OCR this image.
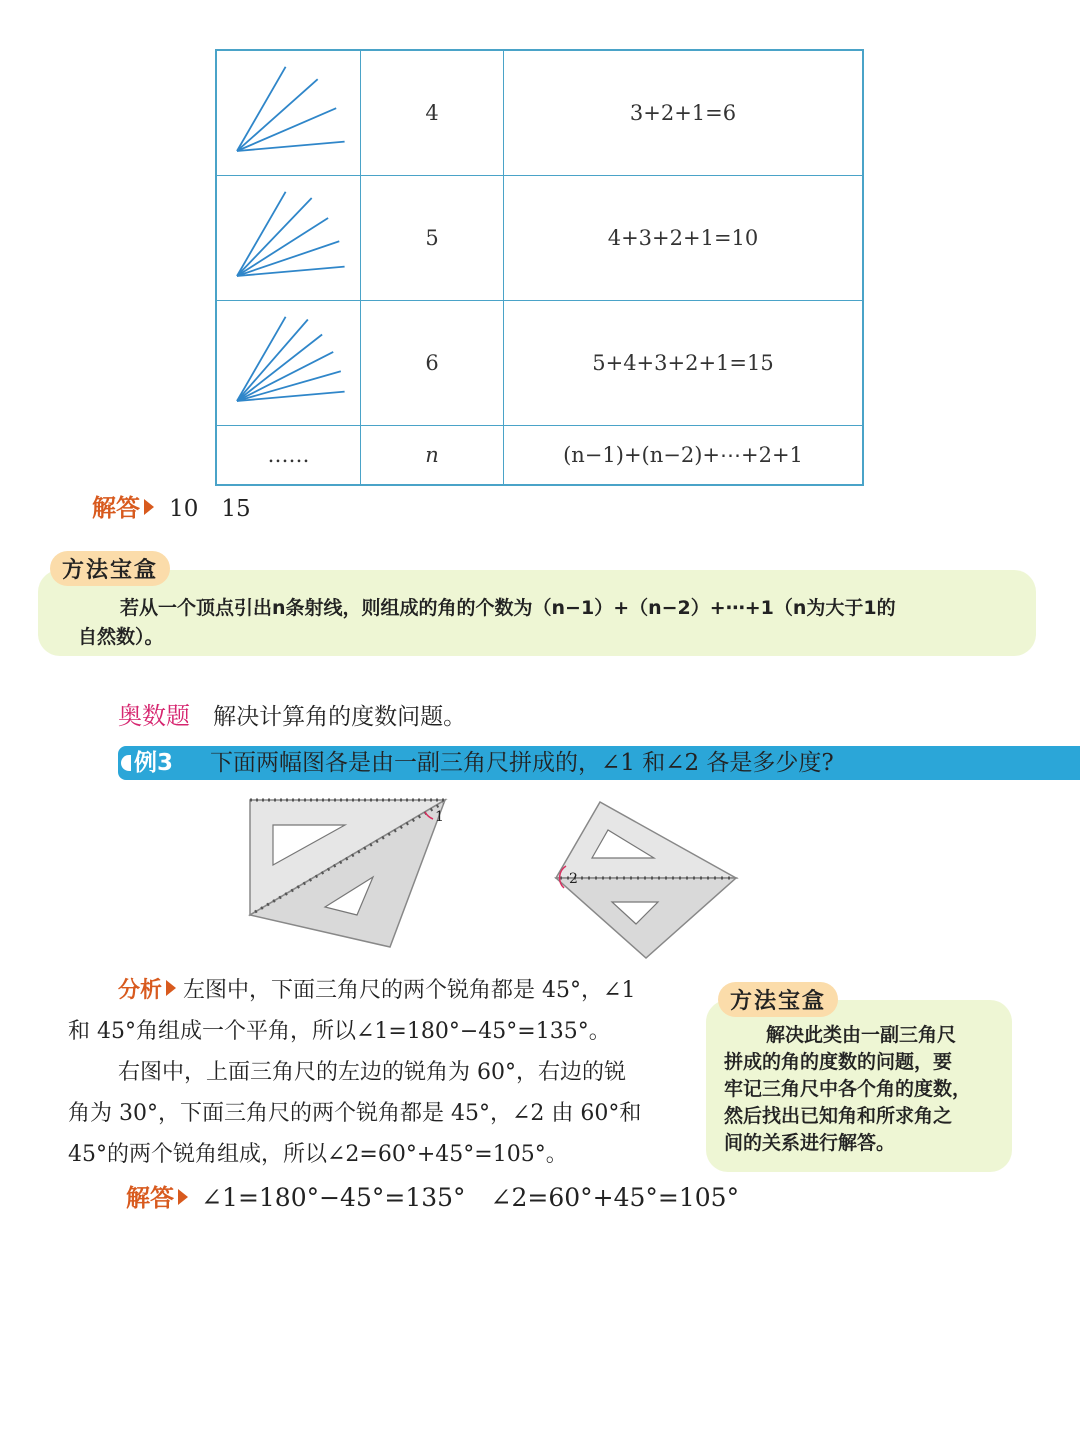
	4	3+2+1=6
	5	4+3+2+1=10
	6	5+4+3+2+1=15
……	n	(n−1)+(n−2)+⋯+2+1
解答 10　15
方法宝盒
若从一个顶点引出n条射线，则组成的角的个数为（n−1）+（n−2）+⋯+1（n为大于1的
自然数）。
奥数题 解决计算角的度数问题。
例3	下面两幅图各是由一副三角尺拼成的，∠1 和∠2 各是多少度?
1
2
分析 左图中，下面三角尺的两个锐角都是 45°，∠1
和 45°角组成一个平角，所以∠1=180°−45°=135°。
右图中，上面三角尺的左边的锐角为 60°，右边的锐
角为 30°，下面三角尺的两个锐角都是 45°，∠2 由 60°和
45°的两个锐角组成，所以∠2=60°+45°=105°。
方法宝盒
解决此类由一副三角尺
拼成的角的度数的问题，要
牢记三角尺中各个角的度数，
然后找出已知角和所求角之
间的关系进行解答。
解答 ∠1=180°−45°=135°　∠2=60°+45°=105°
